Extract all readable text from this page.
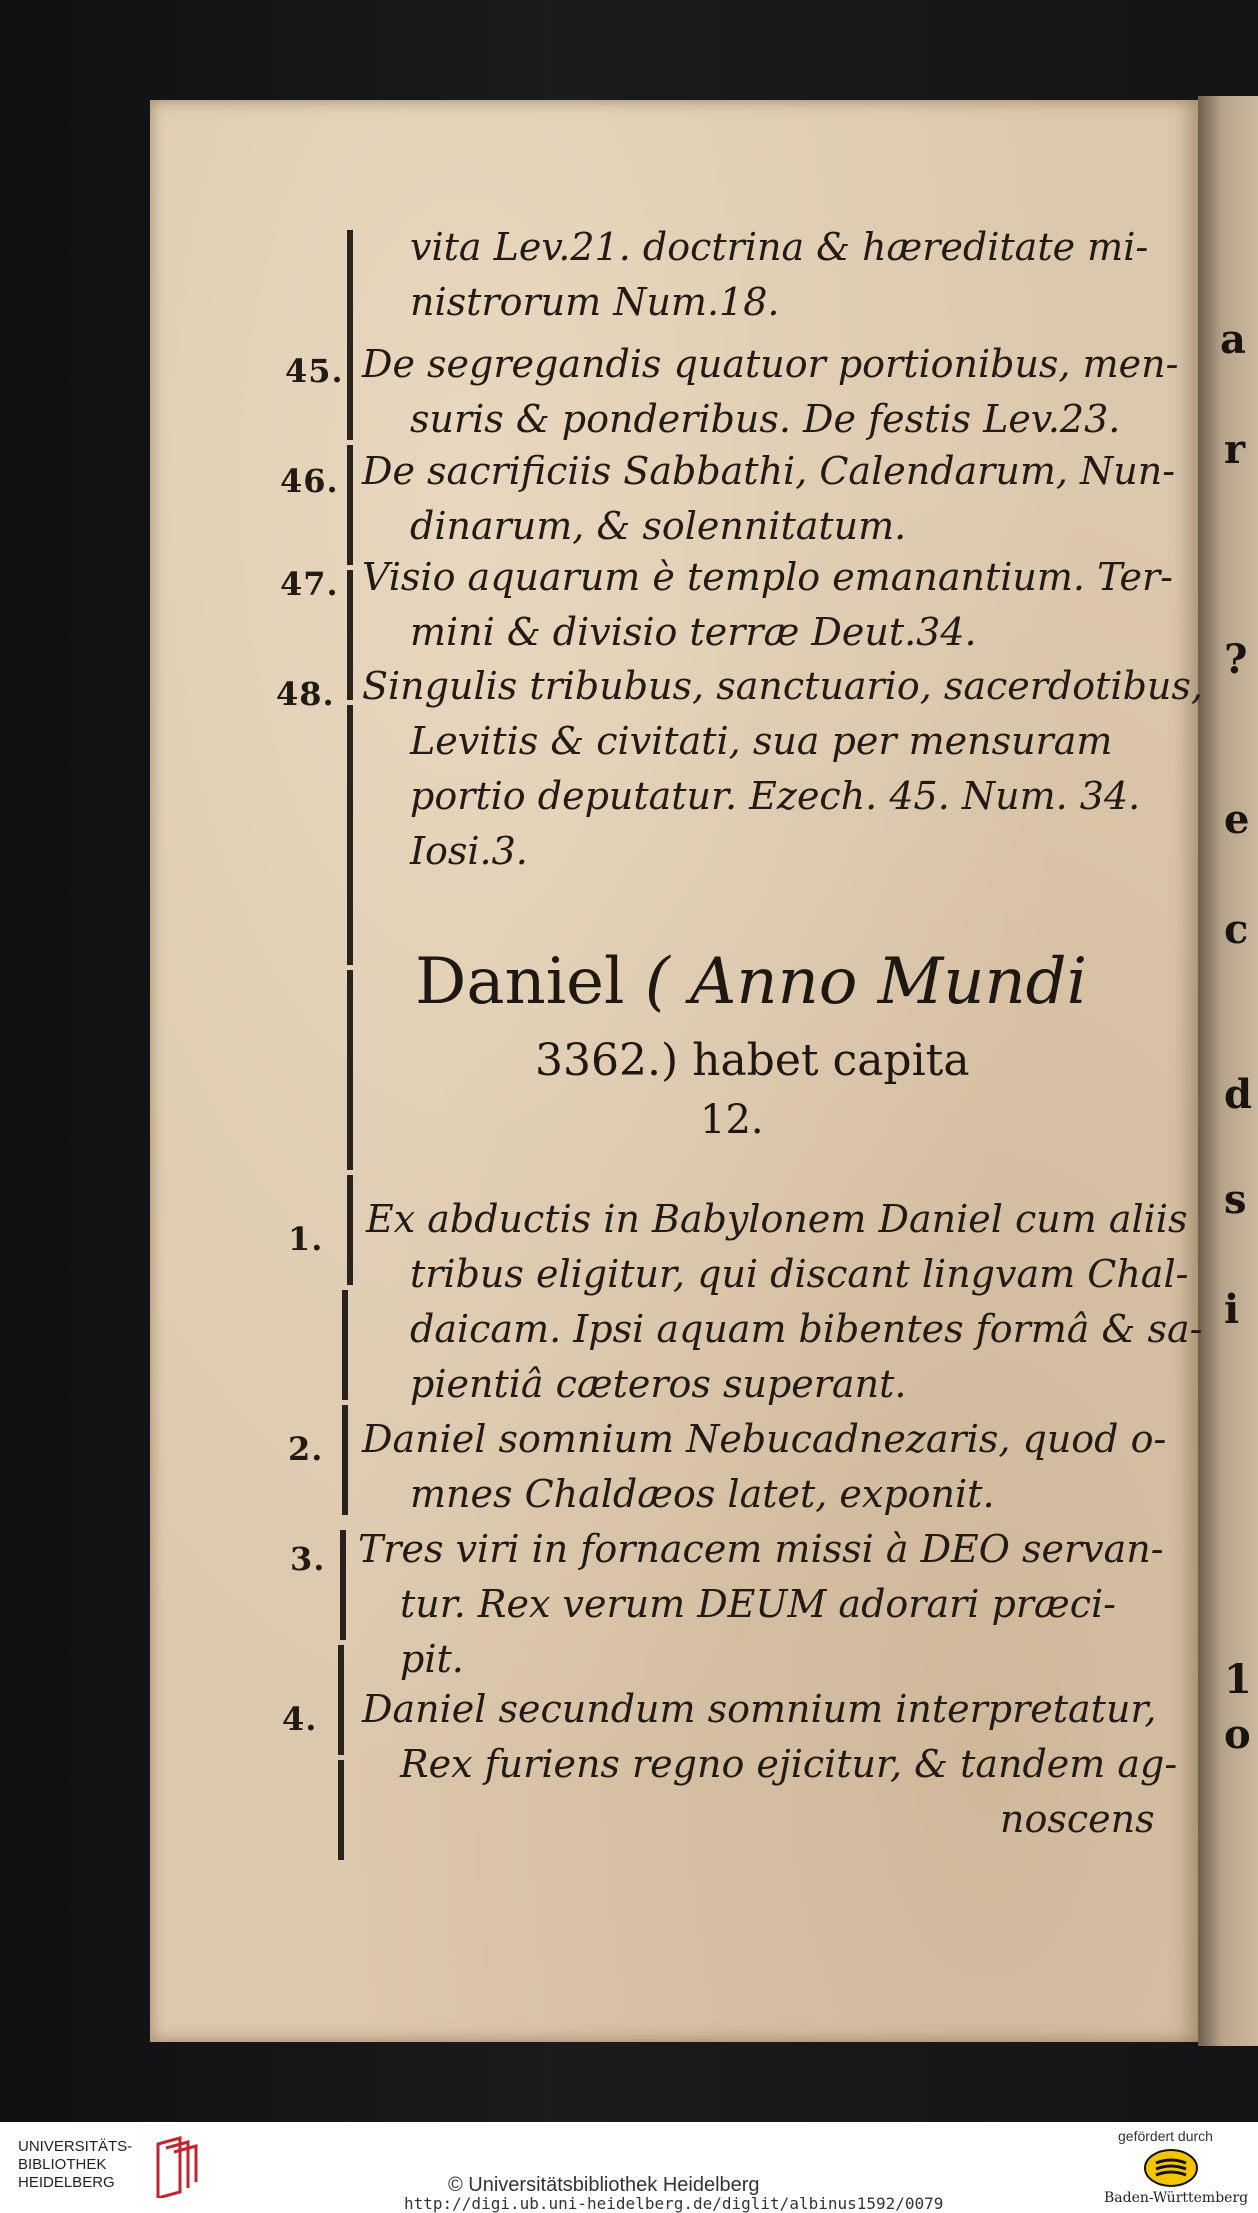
a
r
?
e
c
d
s
i
1
o
vita Lev.21. doctrina & hæreditate mi-
nistrorum Num.18.
45. De segregandis quatuor portionibus, men-
suris & ponderibus. De festis Lev.23.
46. De sacrificiis Sabbathi, Calendarum, Nun-
dinarum, & solennitatum.
47. Visio aquarum è templo emanantium. Ter-
mini & divisio terræ Deut.34.
48. Singulis tribubus, sanctuario, sacerdotibus,
Levitis & civitati, sua per mensuram
portio deputatur. Ezech. 45. Num. 34.
Iosi.3.
Daniel ( Anno Mundi
3362.) habet capita
12.
1. Ex abductis in Babylonem Daniel cum aliis
tribus eligitur, qui discant lingvam Chal-
daicam. Ipsi aquam bibentes formâ & sa-
pientiâ cæteros superant.
2. Daniel somnium Nebucadnezaris, quod o-
mnes Chaldæos latet, exponit.
3. Tres viri in fornacem missi à DEO servan-
tur. Rex verum DEUM adorari præci-
pit.
4. Daniel secundum somnium interpretatur,
Rex furiens regno ejicitur, & tandem ag-
noscens
UNIVERSITÄTS-
BIBLIOTHEK
HEIDELBERG	© Universitätsbibliothek Heidelberg
http://digi.ub.uni-heidelberg.de/diglit/albinus1592/0079
gefördert durch
Baden-Württemberg
